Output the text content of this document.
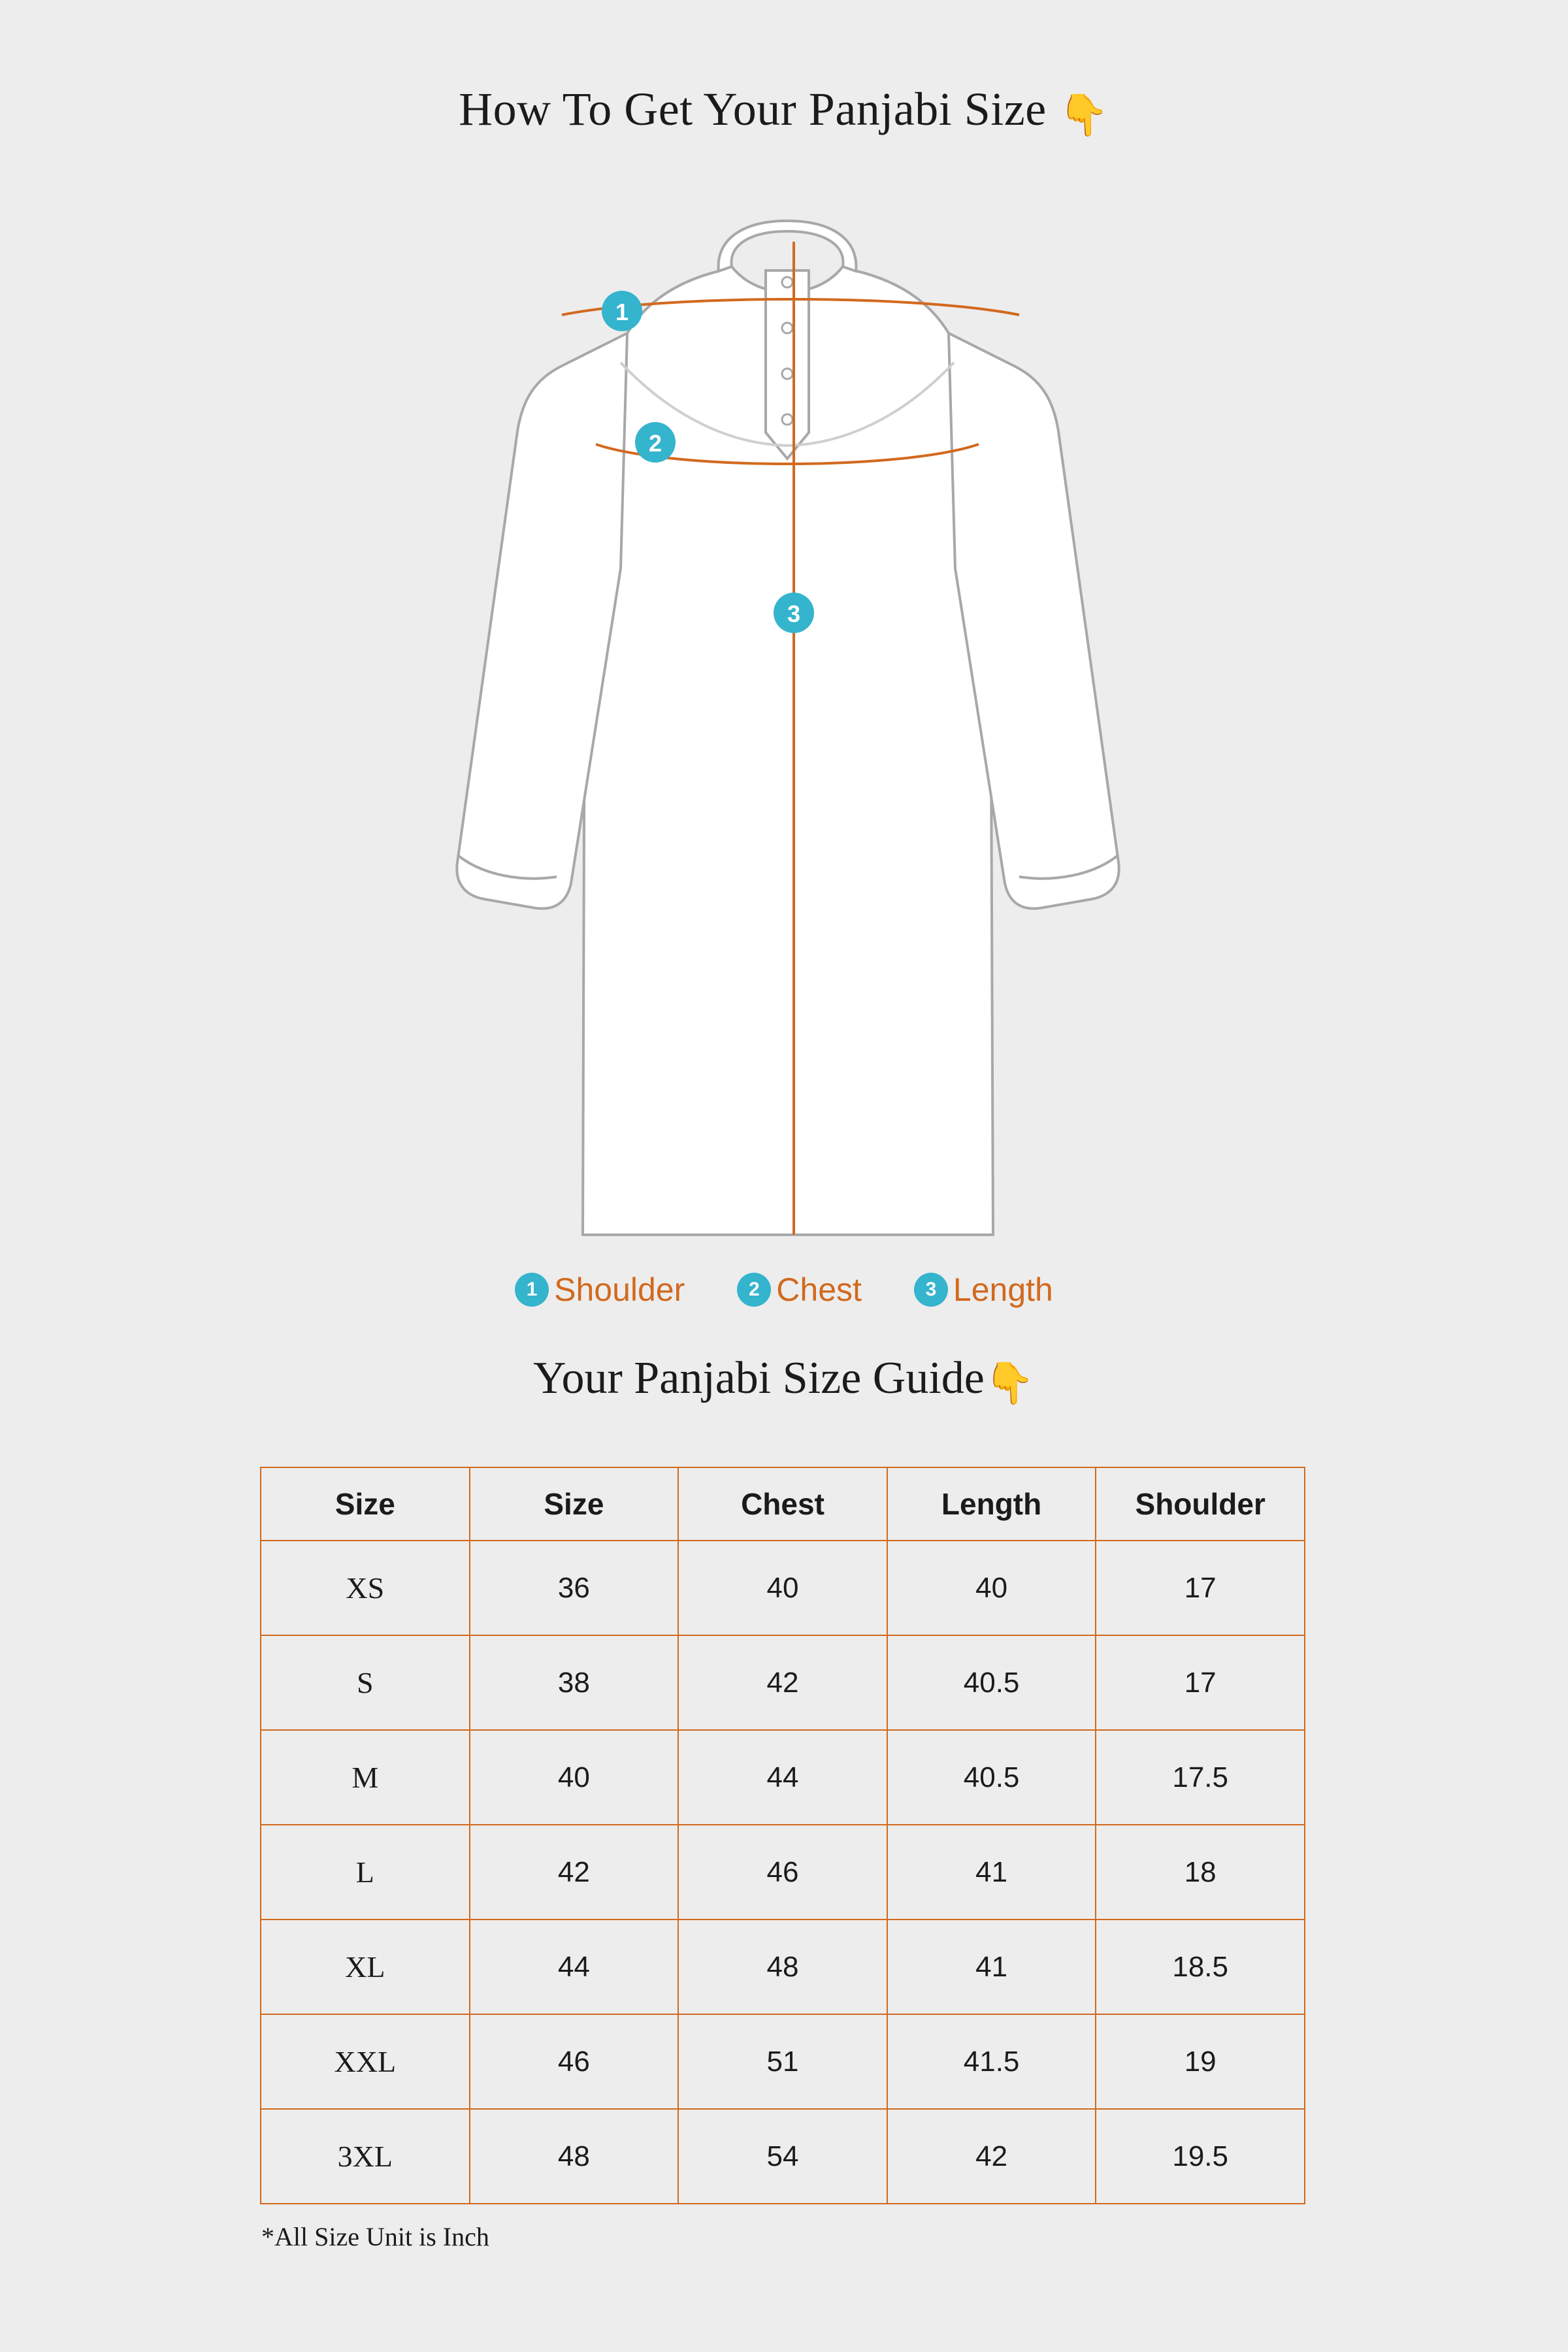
How To Get Your Panjabi Size 👇
1
2
3
1 Shoulder	2 Chest	3 Length
Your Panjabi Size Guide👇
Size	Size	Chest	Length	Shoulder
XS	36	40	40	17
S	38	42	40.5	17
M	40	44	40.5	17.5
L	42	46	41	18
XL	44	48	41	18.5
XXL	46	51	41.5	19
3XL	48	54	42	19.5
*All Size Unit is Inch
